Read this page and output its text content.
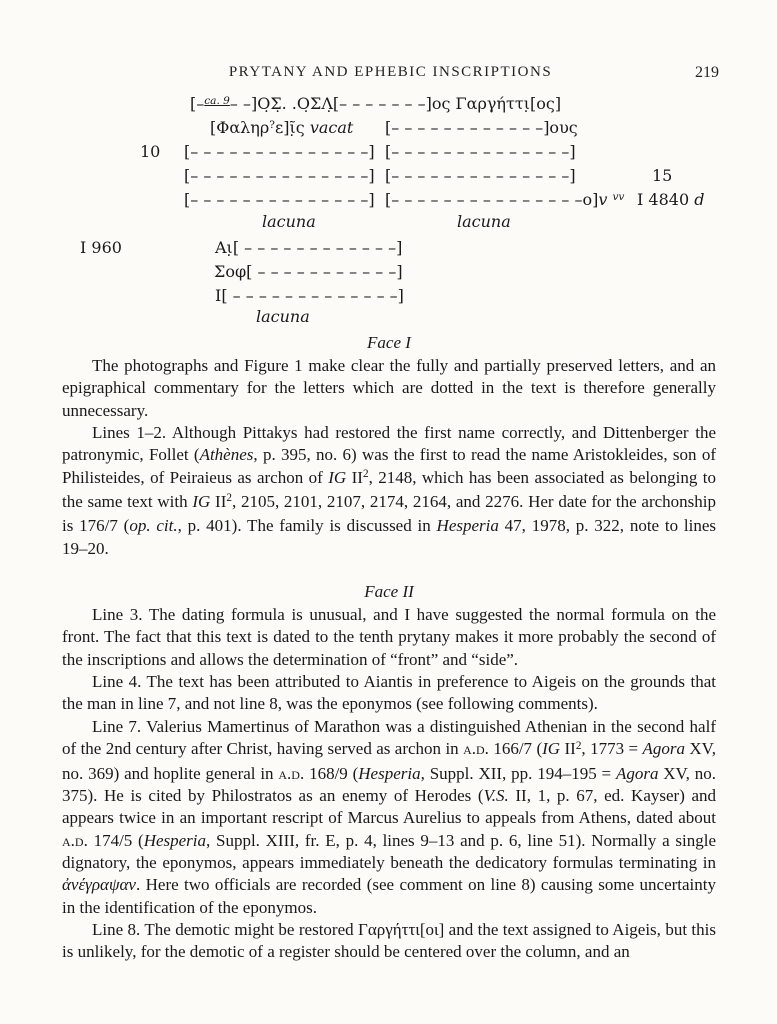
PRYTANY AND EPHEBIC INSCRIPTIONS	219
[–$^{ca. 9}$– –]Ο̣Σ̣. .Ο̣ΣΛ̣[– – – – – – –]ος Γαργήττι̣[ος]
[Φαληρ?ε]ῖ̣ς vacat [– – – – – – – – – – – –]ους
10 [– – – – – – – – – – – – – –] [– – – – – – – – – – – – – –]
[– – – – – – – – – – – – – –] [– – – – – – – – – – – – – –]	15
[– – – – – – – – – – – – – –] [– – – – – – – – – – – – – – –o]v $^{vv}$ I 4840 d
lacuna	lacuna
I 960	Αι̣[ – – – – – – – – – – – –]
Σοφ[ – – – – – – – – – – –]
Ι[ – – – – – – – – – – – – –]
lacuna
Face I

The photographs and Figure 1 make clear the fully and partially preserved letters, and an epigraphical commentary for the letters which are dotted in the text is therefore generally unnecessary.

Lines 1–2. Although Pittakys had restored the first name correctly, and Dittenberger the patronymic, Follet (Athènes, p. 395, no. 6) was the first to read the name Aristokleides, son of Philisteides, of Peiraieus as archon of IG $II^2$, 2148, which has been associated as belonging to the same text with IG $II^2$, 2105, 2101, 2107, 2174, 2164, and 2276. Her date for the archonship is 176/7 (op. cit., p. 401). The family is discussed in Hesperia 47, 1978, p. 322, note to lines 19–20.

Face II

Line 3. The dating formula is unusual, and I have suggested the normal formula on the front. The fact that this text is dated to the tenth prytany makes it more probably the second of the inscriptions and allows the determination of “front” and “side”.

Line 4. The text has been attributed to Aiantis in preference to Aigeis on the grounds that the man in line 7, and not line 8, was the eponymos (see following comments).

Line 7. Valerius Mamertinus of Marathon was a distinguished Athenian in the second half of the 2nd century after Christ, having served as archon in a.d. 166/7 (IG $II^2$, 1773 = Agora XV, no. 369) and hoplite general in a.d. 168/9 (Hesperia, Suppl. XII, pp. 194–195 = Agora XV, no. 375). He is cited by Philostratos as an enemy of Herodes (V.S. II, 1, p. 67, ed. Kayser) and appears twice in an important rescript of Marcus Aurelius to appeals from Athens, dated about a.d. 174/5 (Hesperia, Suppl. XIII, fr. E, p. 4, lines 9–13 and p. 6, line 51). Normally a single dignatory, the eponymos, appears immediately beneath the dedicatory formulas terminating in ἀνέγραψαν. Here two officials are recorded (see comment on line 8) causing some uncertainty in the identification of the eponymos.

Line 8. The demotic might be restored Γαργήττι[οι] and the text assigned to Aigeis, but this is unlikely, for the demotic of a register should be centered over the column, and an
